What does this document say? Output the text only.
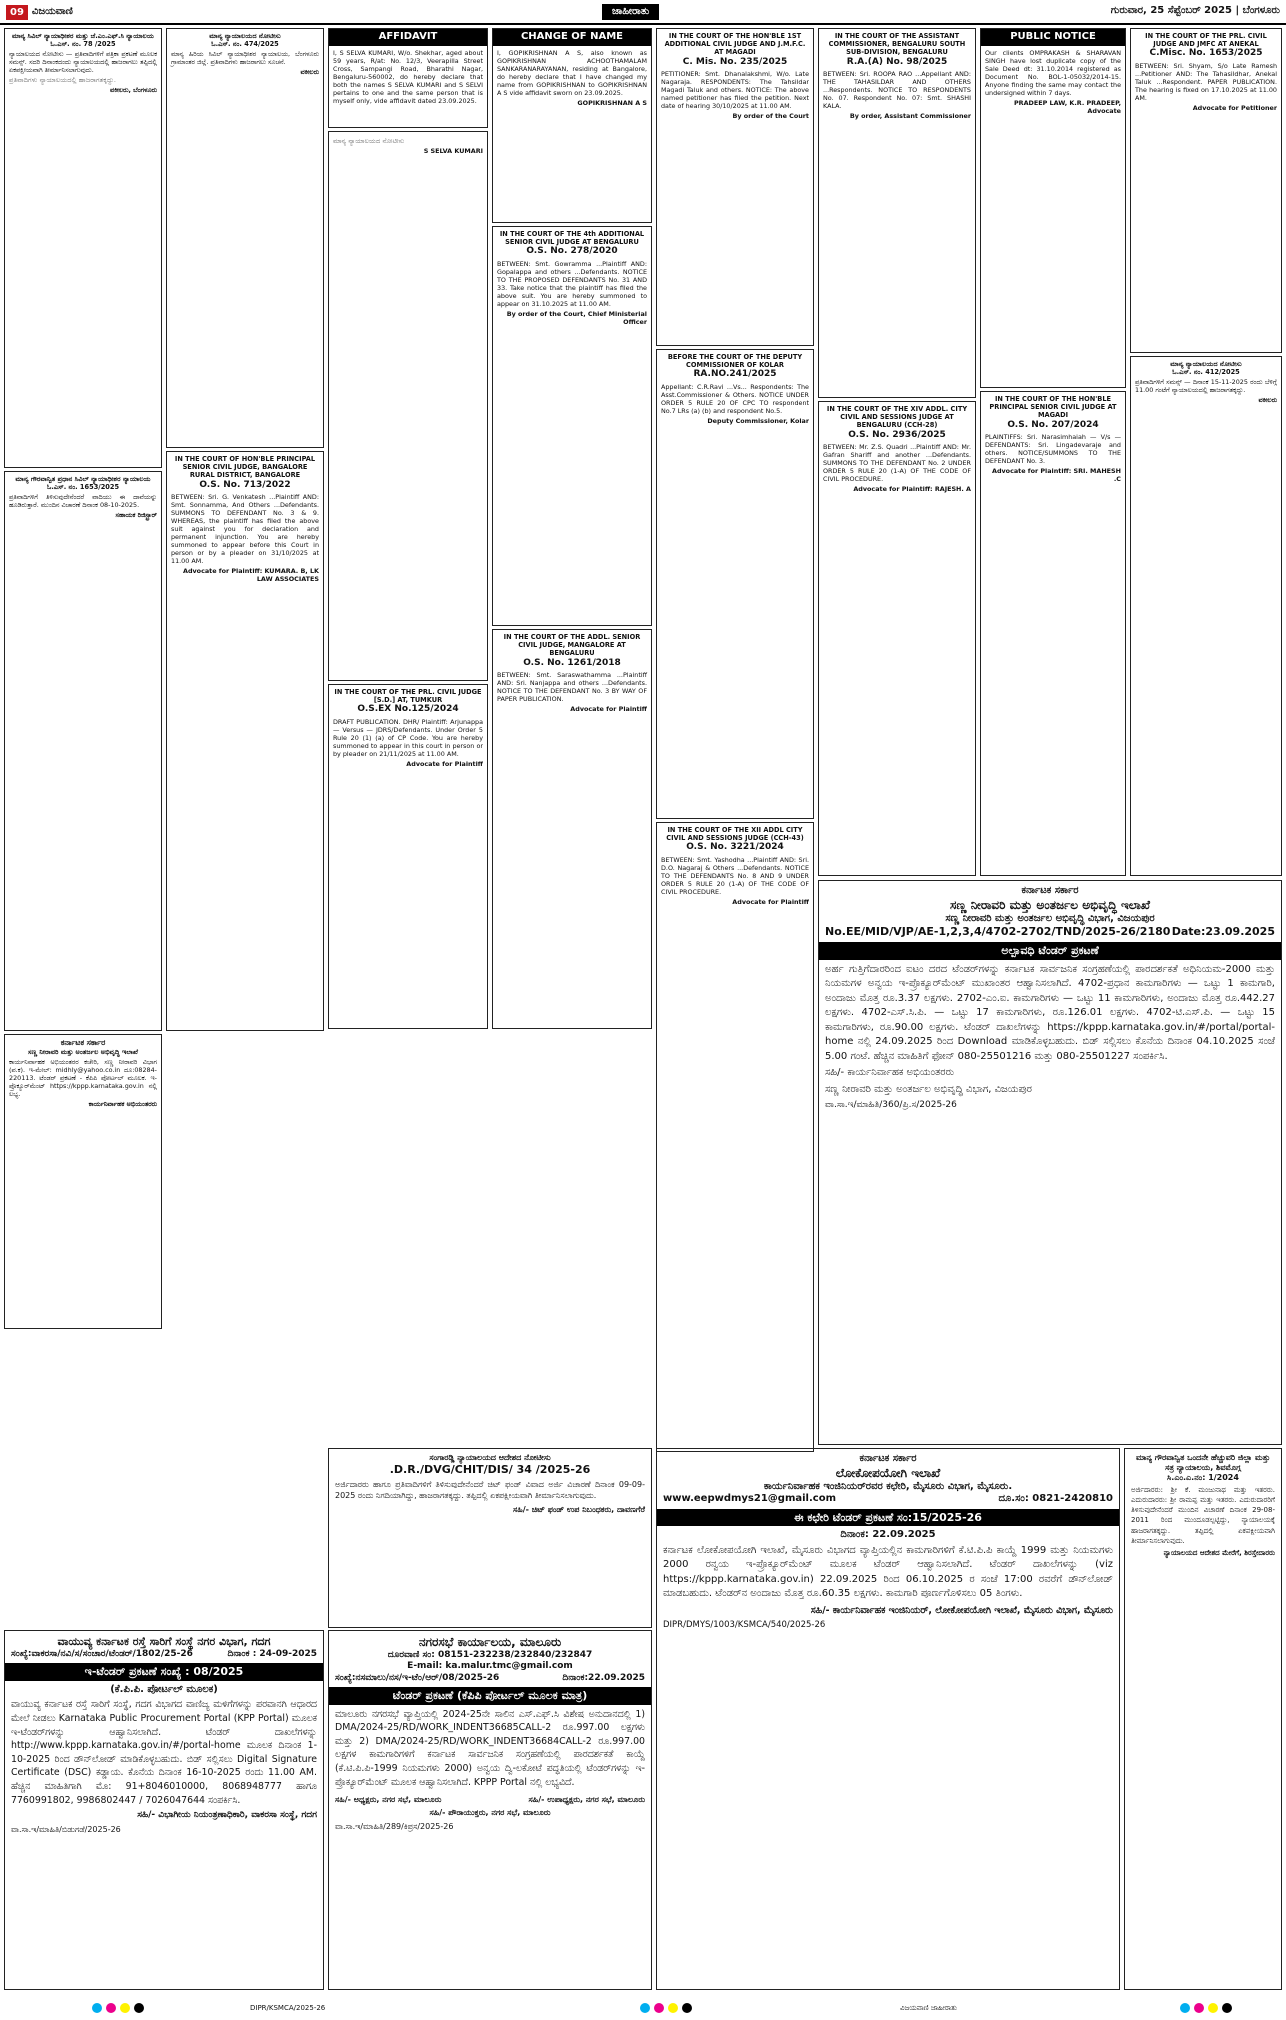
09 ವಿಜಯವಾಣಿ	ಜಾಹೀರಾತು	ಗುರುವಾರ, 25 ಸೆಪ್ಟೆಂಬರ್ 2025 | ಬೆಂಗಳೂರು
ಮಾನ್ಯ ಸಿವಿಲ್ ನ್ಯಾಯಾಧೀಶರ ಮತ್ತು ಜೆ.ಎಂ.ಎಫ್.ಸಿ ನ್ಯಾಯಾಲಯ
ಓ.ಎಸ್. ನಂ. 78 /2025

ನ್ಯಾಯಾಲಯದ ನೋಟೀಸು — ಪ್ರತಿವಾದಿಗಳಿಗೆ ಪತ್ರಿಕಾ ಪ್ರಕಟಣೆ ಮೂಲಕ ಸಮನ್ಸ್. ಸದರಿ ದಿನಾಂಕದಂದು ನ್ಯಾಯಾಲಯದಲ್ಲಿ ಹಾಜರಾಗಲು ತಪ್ಪಿದಲ್ಲಿ ಏಕಪಕ್ಷೀಯವಾಗಿ ತೀರ್ಮಾನಿಸಲಾಗುವುದು.

ಪ್ರತಿವಾದಿಗಳು ನ್ಯಾಯಾಲಯದಲ್ಲಿ ಹಾಜರಾಗತಕ್ಕದ್ದು.

ವಕೀಲರು, ಬೆಂಗಳೂರು

ಮಾನ್ಯ ಗೌರವಾನ್ವಿತ ಪ್ರಧಾನ ಸಿವಿಲ್ ನ್ಯಾಯಾಧೀಶರ ನ್ಯಾಯಾಲಯ
ಓ.ಎಸ್. ನಂ. 1653/2025

ಪ್ರತಿವಾದಿಗಳಿಗೆ ತಿಳಿಸುವುದೇನೆಂದರೆ ವಾದಿಯು ಈ ದಾವೆಯನ್ನು ಹೂಡಿರುತ್ತಾರೆ. ಮುಂದಿನ ವಿಚಾರಣೆ ದಿನಾಂಕ 08-10-2025.

ಸಹಾಯಕ ರಿಜಿಸ್ಟ್ರಾರ್

ಕರ್ನಾಟಕ ಸರ್ಕಾರ
ಸಣ್ಣ ನೀರಾವರಿ ಮತ್ತು ಅಂತರ್ಜಲ ಅಭಿವೃದ್ಧಿ ಇಲಾಖೆ

ಕಾರ್ಯನಿರ್ವಾಹಕ ಅಭಿಯಂತರರ ಕಚೇರಿ, ಸಣ್ಣ ನೀರಾವರಿ ವಿಭಾಗ (ಪ.ಕ). ಇ-ಮೇಲ್: midhly@yahoo.co.in ದೂ:08284-220113. ಟೆಂಡರ್ ಪ್ರಕಟಣೆ - ಕೆಪಿಪಿ ಪೋರ್ಟಲ್ ಮೂಲಕ. ಇ-ಪ್ರೊಕ್ಯೂರ್‌ಮೆಂಟ್ https://kppp.karnataka.gov.in ನಲ್ಲಿ ಲಭ್ಯ.

ಕಾರ್ಯನಿರ್ವಾಹಕ ಅಭಿಯಂತರರು

ಮಾನ್ಯ ನ್ಯಾಯಾಲಯದ ನೋಟೀಸು
ಓ.ಎಸ್. ನಂ. 474/2025

ಮಾನ್ಯ ಹಿರಿಯ ಸಿವಿಲ್ ನ್ಯಾಯಾಧೀಶರ ನ್ಯಾಯಾಲಯ, ಬೆಂಗಳೂರು ಗ್ರಾಮಾಂತರ ಜಿಲ್ಲೆ. ಪ್ರತಿವಾದಿಗಳು ಹಾಜರಾಗಲು ಸೂಚನೆ.

ವಕೀಲರು

IN THE COURT OF HON'BLE PRINCIPAL SENIOR CIVIL JUDGE, BANGALORE RURAL DISTRICT, BANGALORE
O.S. No. 713/2022

BETWEEN: Sri. G. Venkatesh ...Plaintiff AND: Smt. Sonnamma, And Others ...Defendants. SUMMONS TO DEFENDANT No. 3 & 9. WHEREAS, the plaintiff has filed the above suit against you for declaration and permanent injunction. You are hereby summoned to appear before this Court in person or by a pleader on 31/10/2025 at 11.00 AM.

Advocate for Plaintiff: KUMARA. B, LK LAW ASSOCIATES

AFFIDAVIT

I, S SELVA KUMARI, W/o. Shekhar, aged about 59 years, R/at: No. 12/3, Veerapilla Street Cross, Sampangi Road, Bharathi Nagar, Bengaluru-560002, do hereby declare that both the names S SELVA KUMARI and S SELVI pertains to one and the same person that is myself only, vide affidavit dated 23.09.2025.

ಮಾನ್ಯ ನ್ಯಾಯಾಲಯದ ನೋಟೀಸು

S SELVA KUMARI

IN THE COURT OF THE PRL. CIVIL JUDGE [S.D.] AT, TUMKUR
O.S.EX No.125/2024

DRAFT PUBLICATION. DHR/ Plaintiff: Arjunappa — Versus — JDRS/Defendants. Under Order 5 Rule 20 (1) (a) of CP Code. You are hereby summoned to appear in this court in person or by pleader on 21/11/2025 at 11.00 AM.

Advocate for Plaintiff

CHANGE OF NAME

I, GOPIKRISHNAN A S, also known as GOPIKRISHNAN ACHOOTHAMALAM SANKARANARAYANAN, residing at Bangalore, do hereby declare that I have changed my name from GOPIKRISHNAN to GOPIKRISHNAN A S vide affidavit sworn on 23.09.2025.

GOPIKRISHNAN A S

IN THE COURT OF THE 4th ADDITIONAL SENIOR CIVIL JUDGE AT BENGALURU
O.S. No. 278/2020

BETWEEN: Smt. Gowramma ...Plaintiff AND: Gopalappa and others ...Defendants. NOTICE TO THE PROPOSED DEFENDANTS No. 31 AND 33. Take notice that the plaintiff has filed the above suit. You are hereby summoned to appear on 31.10.2025 at 11.00 AM.

By order of the Court, Chief Ministerial Officer

IN THE COURT OF THE ADDL. SENIOR CIVIL JUDGE, MANGALORE AT BENGALURU
O.S. No. 1261/2018

BETWEEN: Smt. Saraswathamma ...Plaintiff AND: Sri. Nanjappa and others ...Defendants. NOTICE TO THE DEFENDANT No. 3 BY WAY OF PAPER PUBLICATION.

Advocate for Plaintiff

IN THE COURT OF THE HON'BLE 1ST ADDITIONAL CIVIL JUDGE AND J.M.F.C. AT MAGADI
C. Mis. No. 235/2025

PETITIONER: Smt. Dhanalakshmi, W/o. Late Nagaraja. RESPONDENTS: The Tahsildar Magadi Taluk and others. NOTICE: The above named petitioner has filed the petition. Next date of hearing 30/10/2025 at 11.00 AM.

By order of the Court

BEFORE THE COURT OF THE DEPUTY COMMISSIONER OF KOLAR
RA.NO.241/2025

Appellant: C.R.Ravi ...Vs... Respondents: The Asst.Commissioner & Others. NOTICE UNDER ORDER 5 RULE 20 OF CPC TO respondent No.7 LRs (a) (b) and respondent No.5.

Deputy Commissioner, Kolar

IN THE COURT OF THE XII ADDL CITY CIVIL AND SESSIONS JUDGE (CCH-43)
O.S. No. 3221/2024

BETWEEN: Smt. Yashodha ...Plaintiff AND: Sri. D.O. Nagaraj & Others ...Defendants. NOTICE TO THE DEFENDANTS No. 8 AND 9 UNDER ORDER 5 RULE 20 (1-A) OF THE CODE OF CIVIL PROCEDURE.

Advocate for Plaintiff

IN THE COURT OF THE ASSISTANT COMMISSIONER, BENGALURU SOUTH SUB-DIVISION, BENGALURU
R.A.(A) No. 98/2025

BETWEEN: Sri. ROOPA RAO ...Appellant AND: THE TAHASILDAR AND OTHERS ...Respondents. NOTICE TO RESPONDENTS No. 07. Respondent No. 07: Smt. SHASHI KALA.

By order, Assistant Commissioner

IN THE COURT OF THE XIV ADDL. CITY CIVIL AND SESSIONS JUDGE AT BENGALURU (CCH-28)
O.S. No. 2936/2025

BETWEEN: Mr. Z.S. Quadri ...Plaintiff AND: Mr. Gafran Shariff and another ...Defendants. SUMMONS TO THE DEFENDANT No. 2 UNDER ORDER 5 RULE 20 (1-A) OF THE CODE OF CIVIL PROCEDURE.

Advocate for Plaintiff: RAJESH. A

PUBLIC NOTICE

Our clients OMPRAKASH & SHARAVAN SINGH have lost duplicate copy of the Sale Deed dt: 31.10.2014 registered as Document No. BOL-1-05032/2014-15. Anyone finding the same may contact the undersigned within 7 days.

PRADEEP LAW, K.R. PRADEEP, Advocate

IN THE COURT OF THE HON'BLE PRINCIPAL SENIOR CIVIL JUDGE AT MAGADI
O.S. No. 207/2024

PLAINTIFFS: Sri. Narasimhaiah — V/s — DEFENDANTS: Sri. Lingadevaraje and others. NOTICE/SUMMONS TO THE DEFENDANT No. 3.

Advocate for Plaintiff: SRI. MAHESH .C

IN THE COURT OF THE PRL. CIVIL JUDGE AND JMFC AT ANEKAL
C.Misc. No. 1653/2025

BETWEEN: Sri. Shyam, S/o Late Ramesh ...Petitioner AND: The Tahasildhar, Anekal Taluk ...Respondent. PAPER PUBLICATION. The hearing is fixed on 17.10.2025 at 11.00 AM.

Advocate for Petitioner

ಮಾನ್ಯ ನ್ಯಾಯಾಲಯದ ನೋಟೀಸು
ಓ.ಎಸ್. ನಂ. 412/2025

ಪ್ರತಿವಾದಿಗಳಿಗೆ ಸಮನ್ಸ್ — ದಿನಾಂಕ 15-11-2025 ರಂದು ಬೆಳಿಗ್ಗೆ 11.00 ಗಂಟೆಗೆ ನ್ಯಾಯಾಲಯದಲ್ಲಿ ಹಾಜರಾಗತಕ್ಕದ್ದು.

ವಕೀಲರು

ಕರ್ನಾಟಕ ಸರ್ಕಾರ
ಸಣ್ಣ ನೀರಾವರಿ ಮತ್ತು ಅಂತರ್ಜಲ ಅಭಿವೃದ್ಧಿ ಇಲಾಖೆ
ಸಣ್ಣ ನೀರಾವರಿ ಮತ್ತು ಅಂತರ್ಜಲ ಅಭಿವೃದ್ಧಿ ವಿಭಾಗ, ವಿಜಯಪುರ
No.EE/MID/VJP/AE-1,2,3,4/4702-2702/TND/2025-26/2180 Date:23.09.2025
ಅಲ್ಪಾವಧಿ ಟೆಂಡರ್ ಪ್ರಕಟಣೆ

ಅರ್ಹ ಗುತ್ತಿಗೆದಾರರಿಂದ ಐಟಂ ದರದ ಟೆಂಡರ್‌ಗಳನ್ನು ಕರ್ನಾಟಕ ಸಾರ್ವಜನಿಕ ಸಂಗ್ರಹಣೆಯಲ್ಲಿ ಪಾರದರ್ಶಕತೆ ಅಧಿನಿಯಮ-2000 ಮತ್ತು ನಿಯಮಗಳ ಅನ್ವಯ ಇ-ಪ್ರೊಕ್ಯೂರ್‌ಮೆಂಟ್ ಮುಖಾಂತರ ಆಹ್ವಾನಿಸಲಾಗಿದೆ. 4702-ಪ್ರಧಾನ ಕಾಮಗಾರಿಗಳು — ಒಟ್ಟು 1 ಕಾಮಗಾರಿ, ಅಂದಾಜು ಮೊತ್ತ ರೂ.3.37 ಲಕ್ಷಗಳು. 2702-ಎಂ.ಐ. ಕಾಮಗಾರಿಗಳು — ಒಟ್ಟು 11 ಕಾಮಗಾರಿಗಳು, ಅಂದಾಜು ಮೊತ್ತ ರೂ.442.27 ಲಕ್ಷಗಳು. 4702-ಎಸ್.ಸಿ.ಪಿ. — ಒಟ್ಟು 17 ಕಾಮಗಾರಿಗಳು, ರೂ.126.01 ಲಕ್ಷಗಳು. 4702-ಟಿ.ಎಸ್.ಪಿ. — ಒಟ್ಟು 15 ಕಾಮಗಾರಿಗಳು, ರೂ.90.00 ಲಕ್ಷಗಳು. ಟೆಂಡರ್ ದಾಖಲೆಗಳನ್ನು https://kppp.karnataka.gov.in/#/portal/portal-home ನಲ್ಲಿ 24.09.2025 ರಿಂದ Download ಮಾಡಿಕೊಳ್ಳಬಹುದು. ಬಿಡ್ ಸಲ್ಲಿಸಲು ಕೊನೆಯ ದಿನಾಂಕ 04.10.2025 ಸಂಜೆ 5.00 ಗಂಟೆ. ಹೆಚ್ಚಿನ ಮಾಹಿತಿಗೆ ಫೋನ್ 080-25501216 ಮತ್ತು 080-25501227 ಸಂಪರ್ಕಿಸಿ.

ಸಹಿ/- ಕಾರ್ಯನಿರ್ವಾಹಕ ಅಭಿಯಂತರರು

ಸಣ್ಣ ನೀರಾವರಿ ಮತ್ತು ಅಂತರ್ಜಲ ಅಭಿವೃದ್ಧಿ ವಿಭಾಗ, ವಿಜಯಪುರ

ವಾ.ಸಾ.ಇ/ಮಾಹಿತಿ/360/ಪ್ರಿ.ಸ/2025-26

ಸಂಗಾರಡ್ಡಿ ನ್ಯಾಯಾಲಯದ ಆದೇಶದ ನೋಟೀಸು
.D.R./DVG/CHIT/DIS/ 34 /2025-26

ಅರ್ಜಿದಾರರು ಹಾಗೂ ಪ್ರತಿವಾದಿಗಳಿಗೆ ತಿಳಿಸುವುದೇನೆಂದರೆ ಚಿಟ್ ಫಂಡ್ ವಿವಾದ ಅರ್ಜಿ ವಿಚಾರಣೆ ದಿನಾಂಕ 09-09-2025 ರಂದು ನಿಗದಿಯಾಗಿದ್ದು, ಹಾಜರಾಗತಕ್ಕದ್ದು. ತಪ್ಪಿದಲ್ಲಿ ಏಕಪಕ್ಷೀಯವಾಗಿ ತೀರ್ಮಾನಿಸಲಾಗುವುದು.

ಸಹಿ/- ಚಿಟ್ ಫಂಡ್ ಉಪ ನಿಬಂಧಕರು, ದಾವಣಗೆರೆ

ವಾಯುವ್ಯ ಕರ್ನಾಟಕ ರಸ್ತೆ ಸಾರಿಗೆ ಸಂಸ್ಥೆ ನಗರ ವಿಭಾಗ, ಗದಗ
ಸಂಖ್ಯೆ:ವಾಕರಸಾ/ನವಿ/ಸ/ಸಂಚಾರ/ಟೆಂಡರ್/1802/25-26	ದಿನಾಂಕ : 24-09-2025
ಇ-ಟೆಂಡರ್ ಪ್ರಕಟಣೆ ಸಂಖ್ಯೆ : 08/2025
(ಕೆ.ಪಿ.ಪಿ. ಪೋರ್ಟಲ್ ಮೂಲಕ)

ವಾಯುವ್ಯ ಕರ್ನಾಟಕ ರಸ್ತೆ ಸಾರಿಗೆ ಸಂಸ್ಥೆ, ಗದಗ ವಿಭಾಗದ ವಾಣಿಜ್ಯ ಮಳಿಗೆಗಳನ್ನು ಪರವಾನಗಿ ಆಧಾರದ ಮೇಲೆ ನೀಡಲು Karnataka Public Procurement Portal (KPP Portal) ಮೂಲಕ ಇ-ಟೆಂಡರ್‌ಗಳನ್ನು ಆಹ್ವಾನಿಸಲಾಗಿದೆ. ಟೆಂಡರ್ ದಾಖಲೆಗಳನ್ನು http://www.kppp.karnataka.gov.in/#/portal-home ಮೂಲಕ ದಿನಾಂಕ 1-10-2025 ರಿಂದ ಡೌನ್‌ಲೋಡ್ ಮಾಡಿಕೊಳ್ಳಬಹುದು. ಬಿಡ್ ಸಲ್ಲಿಸಲು Digital Signature Certificate (DSC) ಕಡ್ಡಾಯ. ಕೊನೆಯ ದಿನಾಂಕ 16-10-2025 ರಂದು 11.00 AM. ಹೆಚ್ಚಿನ ಮಾಹಿತಿಗಾಗಿ ಮೊ: 91+8046010000, 8068948777 ಹಾಗೂ 7760991802, 9986802447 / 7026047644 ಸಂಪರ್ಕಿಸಿ.

ಸಹಿ/- ವಿಭಾಗೀಯ ನಿಯಂತ್ರಣಾಧಿಕಾರಿ, ವಾಕರಸಾ ಸಂಸ್ಥೆ, ಗದಗ

ವಾ.ಸಾ.ಇ/ಮಾಹಿತಿ/ಬಿಡುಗಡೆ/2025-26

ನಗರಸಭೆ ಕಾರ್ಯಾಲಯ, ಮಾಲೂರು
ದೂರವಾಣಿ ಸಂ: 08151-232238/232840/232847
E-mail: ka.malur.tmc@gmail.com
ಸಂಖ್ಯೆ:ನಸಮಾಲು/ನಸ/ಇ-ಟೆಂ/ಆರ್/08/2025-26	ದಿನಾಂಕ:22.09.2025
ಟೆಂಡರ್ ಪ್ರಕಟಣೆ (ಕೆಪಿಪಿ ಪೋರ್ಟಲ್ ಮೂಲಕ ಮಾತ್ರ)

ಮಾಲೂರು ನಗರಸಭೆ ವ್ಯಾಪ್ತಿಯಲ್ಲಿ 2024-25ನೇ ಸಾಲಿನ ಎಸ್.ಎಫ್.ಸಿ ವಿಶೇಷ ಅನುದಾನದಲ್ಲಿ 1) DMA/2024-25/RD/WORK_INDENT36685CALL-2 ರೂ.997.00 ಲಕ್ಷಗಳು ಮತ್ತು 2) DMA/2024-25/RD/WORK_INDENT36684CALL-2 ರೂ.997.00 ಲಕ್ಷಗಳ ಕಾಮಗಾರಿಗಳಿಗೆ ಕರ್ನಾಟಕ ಸಾರ್ವಜನಿಕ ಸಂಗ್ರಹಣೆಯಲ್ಲಿ ಪಾರದರ್ಶಕತೆ ಕಾಯ್ದೆ (ಕೆ.ಟಿ.ಪಿ.ಪಿ-1999 ನಿಯಮಗಳು 2000) ಅನ್ವಯ ದ್ವಿ-ಲಕೋಟೆ ಪದ್ಧತಿಯಲ್ಲಿ ಟೆಂಡರ್‌ಗಳನ್ನು ಇ-ಪ್ರೊಕ್ಯೂರ್‌ಮೆಂಟ್ ಮೂಲಕ ಆಹ್ವಾನಿಸಲಾಗಿದೆ. KPPP Portal ನಲ್ಲಿ ಲಭ್ಯವಿದೆ.

ಸಹಿ/- ಅಧ್ಯಕ್ಷರು, ನಗರ ಸಭೆ, ಮಾಲೂರು	ಸಹಿ/- ಉಪಾಧ್ಯಕ್ಷರು, ನಗರ ಸಭೆ, ಮಾಲೂರು

ಸಹಿ/- ಪೌರಾಯುಕ್ತರು, ನಗರ ಸಭೆ, ಮಾಲೂರು

ವಾ.ಸಾ.ಇ/ಮಾಹಿತಿ/289/ಕಿಪ್ರಸ/2025-26

ಕರ್ನಾಟಕ ಸರ್ಕಾರ
ಲೋಕೋಪಯೋಗಿ ಇಲಾಖೆ
ಕಾರ್ಯನಿರ್ವಾಹಕ ಇಂಜಿನಿಯರ್‌ರವರ ಕಛೇರಿ, ಮೈಸೂರು ವಿಭಾಗ, ಮೈಸೂರು.
www.eepwdmys21@gmail.com	ದೂ.ಸಂ: 0821-2420810
ಈ ಕಛೇರಿ ಟೆಂಡರ್ ಪ್ರಕಟಣೆ ಸಂ:15/2025-26
ದಿನಾಂಕ: 22.09.2025

ಕರ್ನಾಟಕ ಲೋಕೋಪಯೋಗಿ ಇಲಾಖೆ, ಮೈಸೂರು ವಿಭಾಗದ ವ್ಯಾಪ್ತಿಯಲ್ಲಿನ ಕಾಮಗಾರಿಗಳಿಗೆ ಕೆ.ಟಿ.ಪಿ.ಪಿ ಕಾಯ್ದೆ 1999 ಮತ್ತು ನಿಯಮಗಳು 2000 ರನ್ವಯ ಇ-ಪ್ರೊಕ್ಯೂರ್‌ಮೆಂಟ್ ಮೂಲಕ ಟೆಂಡರ್ ಆಹ್ವಾನಿಸಲಾಗಿದೆ. ಟೆಂಡರ್ ದಾಖಲೆಗಳನ್ನು (viz https://kppp.karnataka.gov.in) 22.09.2025 ರಿಂದ 06.10.2025 ರ ಸಂಜೆ 17:00 ರವರೆಗೆ ಡೌನ್‌ಲೋಡ್ ಮಾಡಬಹುದು. ಟೆಂಡರ್‌ನ ಅಂದಾಜು ಮೊತ್ತ ರೂ.60.35 ಲಕ್ಷಗಳು. ಕಾಮಗಾರಿ ಪೂರ್ಣಗೊಳಿಸಲು 05 ತಿಂಗಳು.

ಸಹಿ/- ಕಾರ್ಯನಿರ್ವಾಹಕ ಇಂಜಿನಿಯರ್, ಲೋಕೋಪಯೋಗಿ ಇಲಾಖೆ, ಮೈಸೂರು ವಿಭಾಗ, ಮೈಸೂರು

DIPR/DMYS/1003/KSMCA/540/2025-26

ಮಾನ್ಯ ಗೌರವಾನ್ವಿತ ಒಂದನೇ ಹೆಚ್ಚುವರಿ ಜಿಲ್ಲಾ ಮತ್ತು ಸತ್ರ ನ್ಯಾಯಾಲಯ, ಶಿವಮೊಗ್ಗ
ಸಿ.ಎಂ.ಎ.ನಂ: 1/2024

ಅರ್ಜಿದಾರರು: ಶ್ರೀ ಕೆ. ಮಂಜುನಾಥ ಮತ್ತು ಇತರರು. ಎದುರುದಾರರು: ಶ್ರೀ ರಾಮಪ್ಪ ಮತ್ತು ಇತರರು. ಎದುರುದಾರರಿಗೆ ತಿಳಿಸುವುದೇನೆಂದರೆ ಮುಂದಿನ ವಿಚಾರಣೆ ದಿನಾಂಕ 29-08-2011 ರಿಂದ ಮುಂದೂಡಲ್ಪಟ್ಟಿದ್ದು, ನ್ಯಾಯಾಲಯಕ್ಕೆ ಹಾಜರಾಗತಕ್ಕದ್ದು. ತಪ್ಪಿದಲ್ಲಿ ಏಕಪಕ್ಷೀಯವಾಗಿ ತೀರ್ಮಾನಿಸಲಾಗುವುದು.

ನ್ಯಾಯಾಲಯದ ಆದೇಶದ ಮೇರೆಗೆ, ಶಿರಸ್ತೇದಾರರು

DIPR/KSMCA/2025-26	ವಿಜಯವಾಣಿ ಜಾಹೀರಾತು
